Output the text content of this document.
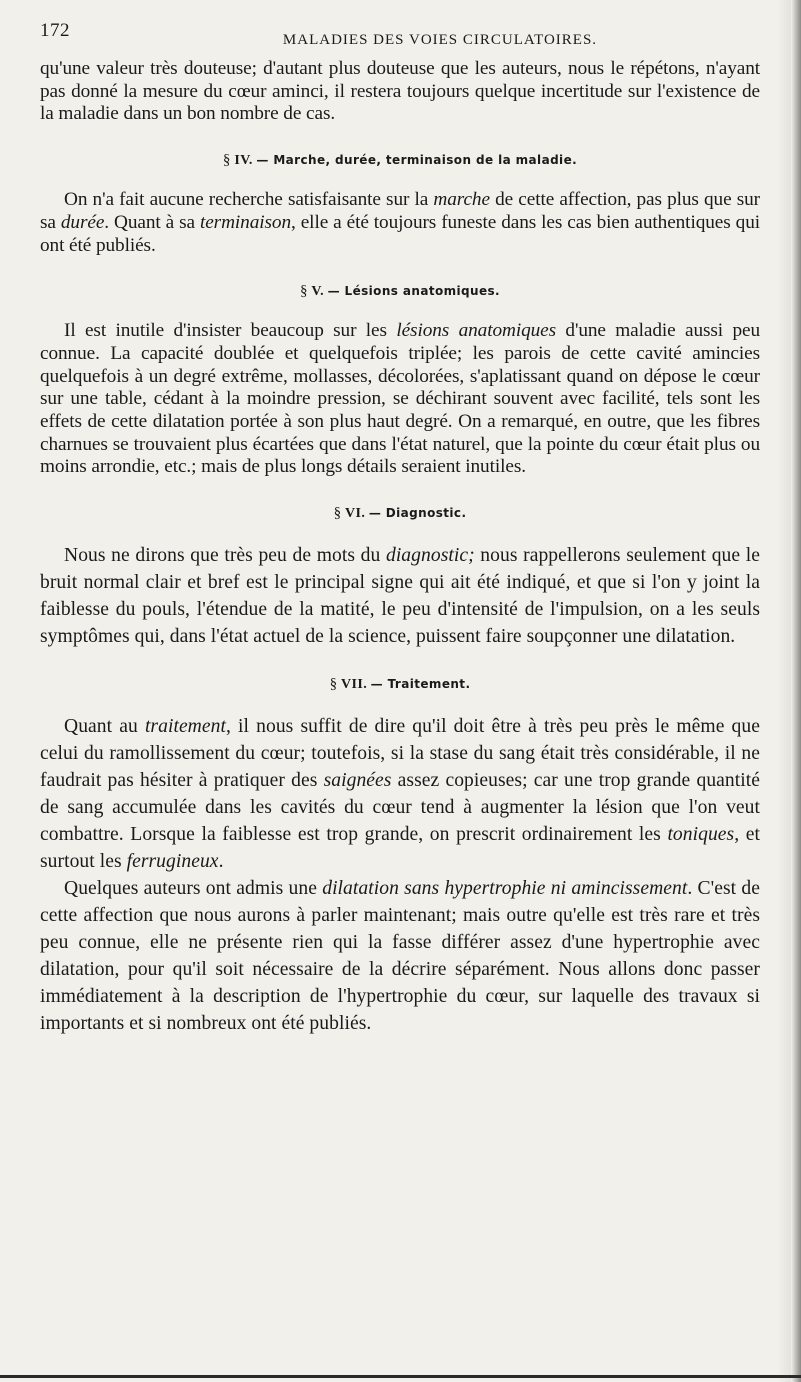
172	MALADIES DES VOIES CIRCULATOIRES.

qu'une valeur très douteuse; d'autant plus douteuse que les auteurs, nous le répétons, n'ayant pas donné la mesure du cœur aminci, il restera toujours quelque incertitude sur l'existence de la maladie dans un bon nombre de cas.

§ IV. — Marche, durée, terminaison de la maladie.

On n'a fait aucune recherche satisfaisante sur la marche de cette affection, pas plus que sur sa durée. Quant à sa terminaison, elle a été toujours funeste dans les cas bien authentiques qui ont été publiés.

§ V. — Lésions anatomiques.

Il est inutile d'insister beaucoup sur les lésions anatomiques d'une maladie aussi peu connue. La capacité doublée et quelquefois triplée; les parois de cette cavité amincies quelquefois à un degré extrême, mollasses, décolorées, s'aplatissant quand on dépose le cœur sur une table, cédant à la moindre pression, se déchirant souvent avec facilité, tels sont les effets de cette dilatation portée à son plus haut degré. On a remarqué, en outre, que les fibres charnues se trouvaient plus écartées que dans l'état naturel, que la pointe du cœur était plus ou moins arrondie, etc.; mais de plus longs détails seraient inutiles.

§ VI. — Diagnostic.

Nous ne dirons que très peu de mots du diagnostic; nous rappellerons seulement que le bruit normal clair et bref est le principal signe qui ait été indiqué, et que si l'on y joint la faiblesse du pouls, l'étendue de la matité, le peu d'intensité de l'impulsion, on a les seuls symptômes qui, dans l'état actuel de la science, puissent faire soupçonner une dilatation.

§ VII. — Traitement.

Quant au traitement, il nous suffit de dire qu'il doit être à très peu près le même que celui du ramollissement du cœur; toutefois, si la stase du sang était très considérable, il ne faudrait pas hésiter à pratiquer des saignées assez copieuses; car une trop grande quantité de sang accumulée dans les cavités du cœur tend à augmenter la lésion que l'on veut combattre. Lorsque la faiblesse est trop grande, on prescrit ordinairement les toniques, et surtout les ferrugineux.

Quelques auteurs ont admis une dilatation sans hypertrophie ni amincissement. C'est de cette affection que nous aurons à parler maintenant; mais outre qu'elle est très rare et très peu connue, elle ne présente rien qui la fasse différer assez d'une hypertrophie avec dilatation, pour qu'il soit nécessaire de la décrire séparément. Nous allons donc passer immédiatement à la description de l'hypertrophie du cœur, sur laquelle des travaux si importants et si nombreux ont été publiés.
